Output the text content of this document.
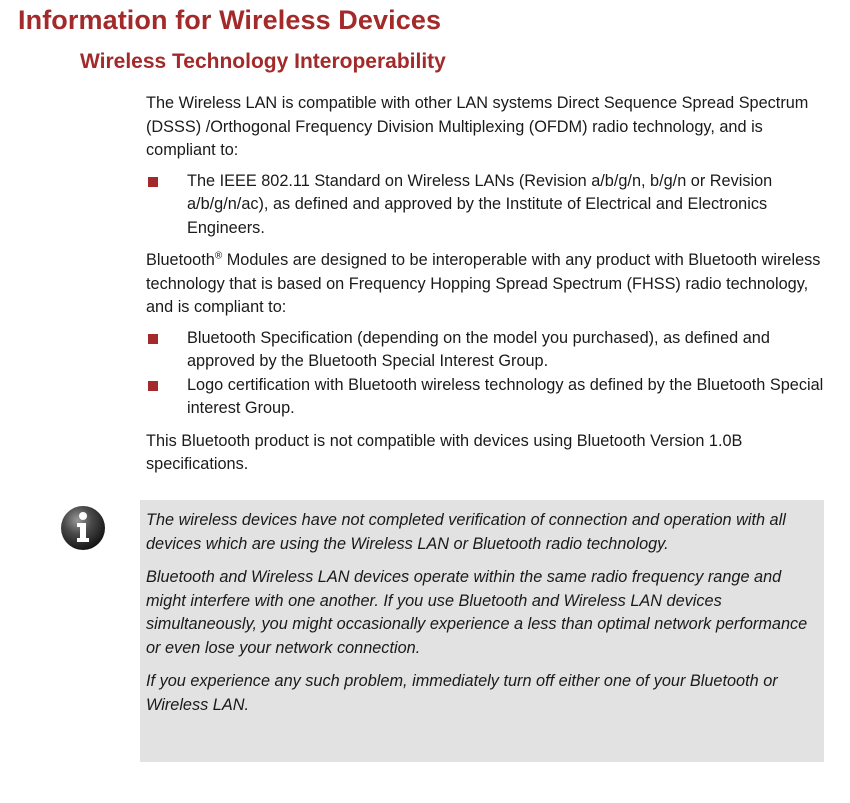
Information for Wireless Devices
Wireless Technology Interoperability

The Wireless LAN is compatible with other LAN systems Direct Sequence Spread Spectrum (DSSS) /Orthogonal Frequency Division Multiplexing (OFDM) radio technology, and is compliant to:

The IEEE 802.11 Standard on Wireless LANs (Revision a/b/g/n, b/g/n or Revision a/b/g/n/ac), as defined and approved by the Institute of Electrical and Electronics Engineers.

Bluetooth® Modules are designed to be interoperable with any product with Bluetooth wireless technology that is based on Frequency Hopping Spread Spectrum (FHSS) radio technology, and is compliant to:

Bluetooth Specification (depending on the model you purchased), as defined and approved by the Bluetooth Special Interest Group.
Logo certification with Bluetooth wireless technology as defined by the Bluetooth Special interest Group.

This Bluetooth product is not compatible with devices using Bluetooth Version 1.0B specifications.

The wireless devices have not completed verification of connection and operation with all devices which are using the Wireless LAN or Bluetooth radio technology.

Bluetooth and Wireless LAN devices operate within the same radio frequency range and might interfere with one another. If you use Bluetooth and Wireless LAN devices simultaneously, you might occasionally experience a less than optimal network performance or even lose your network connection.

If you experience any such problem, immediately turn off either one of your Bluetooth or Wireless LAN.
